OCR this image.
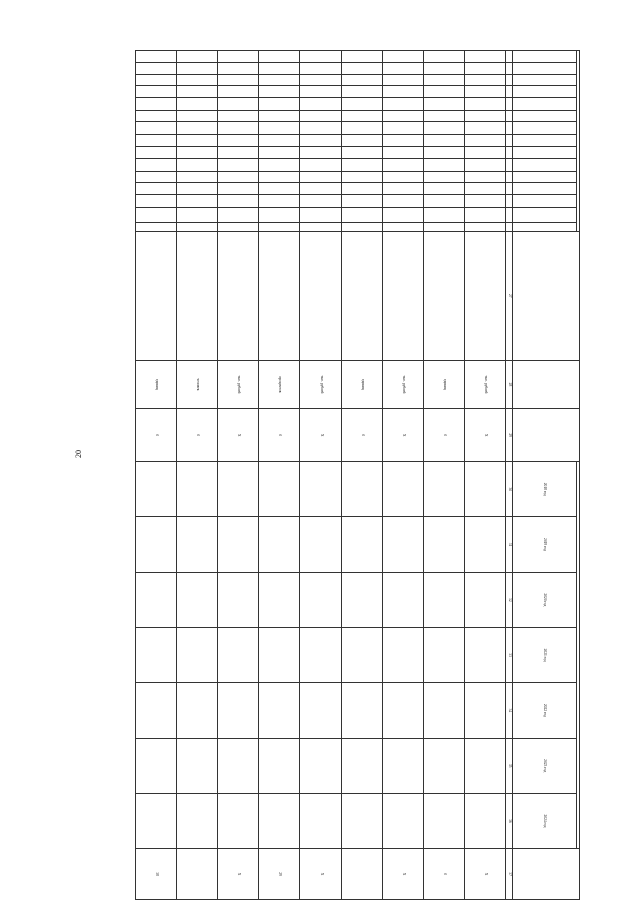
20

				2018 год	2019 год	2020 год	2021 год	2022 год	2023 год	2024 год	
															27	28	29	30	31	32	33	34	35	36	37
																тыс. рублей	X								X
																единиц	0								0
																тыс. рублей	X								X
																единиц	0								
																тыс. рублей	X								X
																процентов	0								29
																тыс. рублей	X								X
																человек	0								
																единиц	0								38
